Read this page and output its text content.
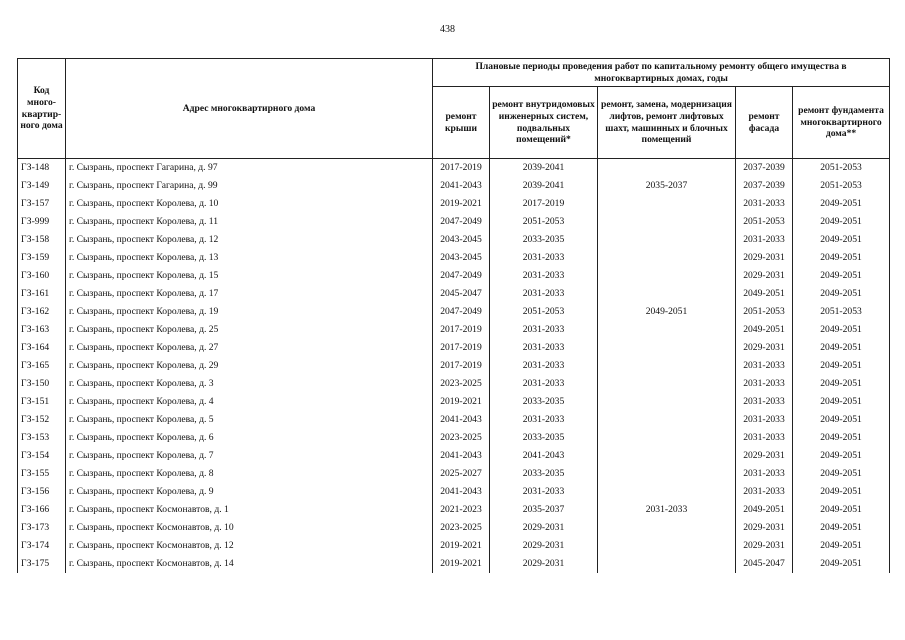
438
Код много-квартир-ного дома	Адрес многоквартирного дома	Плановые периоды проведения работ по капитальному ремонту общего имущества в многоквартирных домах, годы				
		ремонт крыши	ремонт внутридомовых инженерных систем, подвальных помещений*	ремонт, замена, модернизация лифтов, ремонт лифтовых шахт, машинных и блочных помещений	ремонт фасада	ремонт фундамента многоквартирного дома**
ГЗ-148	г. Сызрань, проспект Гагарина, д. 97	2017-2019	2039-2041		2037-2039	2051-2053
ГЗ-149	г. Сызрань, проспект Гагарина, д. 99	2041-2043	2039-2041	2035-2037	2037-2039	2051-2053
ГЗ-157	г. Сызрань, проспект Королева, д. 10	2019-2021	2017-2019		2031-2033	2049-2051
ГЗ-999	г. Сызрань, проспект Королева, д. 11	2047-2049	2051-2053		2051-2053	2049-2051
ГЗ-158	г. Сызрань, проспект Королева, д. 12	2043-2045	2033-2035		2031-2033	2049-2051
ГЗ-159	г. Сызрань, проспект Королева, д. 13	2043-2045	2031-2033		2029-2031	2049-2051
ГЗ-160	г. Сызрань, проспект Королева, д. 15	2047-2049	2031-2033		2029-2031	2049-2051
ГЗ-161	г. Сызрань, проспект Королева, д. 17	2045-2047	2031-2033		2049-2051	2049-2051
ГЗ-162	г. Сызрань, проспект Королева, д. 19	2047-2049	2051-2053	2049-2051	2051-2053	2051-2053
ГЗ-163	г. Сызрань, проспект Королева, д. 25	2017-2019	2031-2033		2049-2051	2049-2051
ГЗ-164	г. Сызрань, проспект Королева, д. 27	2017-2019	2031-2033		2029-2031	2049-2051
ГЗ-165	г. Сызрань, проспект Королева, д. 29	2017-2019	2031-2033		2031-2033	2049-2051
ГЗ-150	г. Сызрань, проспект Королева, д. 3	2023-2025	2031-2033		2031-2033	2049-2051
ГЗ-151	г. Сызрань, проспект Королева, д. 4	2019-2021	2033-2035		2031-2033	2049-2051
ГЗ-152	г. Сызрань, проспект Королева, д. 5	2041-2043	2031-2033		2031-2033	2049-2051
ГЗ-153	г. Сызрань, проспект Королева, д. 6	2023-2025	2033-2035		2031-2033	2049-2051
ГЗ-154	г. Сызрань, проспект Королева, д. 7	2041-2043	2041-2043		2029-2031	2049-2051
ГЗ-155	г. Сызрань, проспект Королева, д. 8	2025-2027	2033-2035		2031-2033	2049-2051
ГЗ-156	г. Сызрань, проспект Королева, д. 9	2041-2043	2031-2033		2031-2033	2049-2051
ГЗ-166	г. Сызрань, проспект Космонавтов, д. 1	2021-2023	2035-2037	2031-2033	2049-2051	2049-2051
ГЗ-173	г. Сызрань, проспект Космонавтов, д. 10	2023-2025	2029-2031		2029-2031	2049-2051
ГЗ-174	г. Сызрань, проспект Космонавтов, д. 12	2019-2021	2029-2031		2029-2031	2049-2051
ГЗ-175	г. Сызрань, проспект Космонавтов, д. 14	2019-2021	2029-2031		2045-2047	2049-2051
